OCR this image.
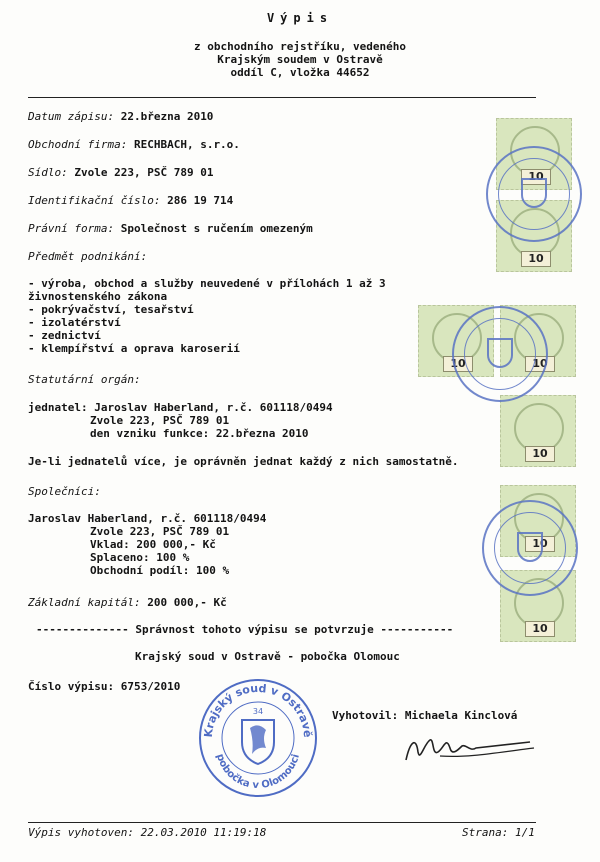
Výpis
z obchodního rejstříku, vedeného
Krajským soudem v Ostravě
oddíl C, vložka 44652
10
10
10	10
10
10
10
Datum zápisu: 22.března 2010
Obchodní firma: RECHBACH, s.r.o.
Sídlo: Zvole 223, PSČ 789 01
Identifikační číslo: 286 19 714
Právní forma: Společnost s ručením omezeným
Předmět podnikání:
- výroba, obchod a služby neuvedené v přílohách 1 až 3
živnostenského zákona
- pokrývačství, tesařství
- izolatérství
- zednictví
- klempířství a oprava karoserií
Statutární orgán:
jednatel: Jaroslav Haberland, r.č. 601118/0494
Zvole 223, PSČ 789 01
den vzniku funkce: 22.března 2010
Je-li jednatelů více, je oprávněn jednat každý z nich samostatně.
Společníci:
Jaroslav Haberland, r.č. 601118/0494
Zvole 223, PSČ 789 01
Vklad: 200 000,- Kč
Splaceno: 100 %
Obchodní podíl: 100 %
Základní kapitál: 200 000,- Kč
-------------- Správnost tohoto výpisu se potvrzuje -----------
Krajský soud v Ostravě - pobočka Olomouc
Číslo výpisu: 6753/2010
Krajský soud v Ostravě
pobočka v Olomouci
34	Vyhotovil: Michaela Kinclová
Výpis vyhotoven: 22.03.2010 11:19:18	Strana: 1/1
